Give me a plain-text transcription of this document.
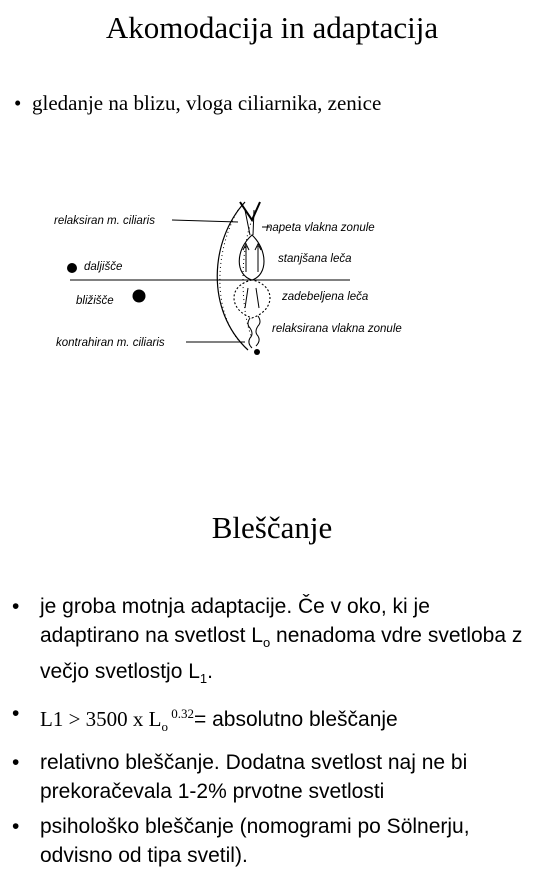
Akomodacija in adaptacija
• gledanje na blizu, vloga ciliarnika, zenice
relaksiran m. ciliaris
napeta vlakna zonule
stanjšana leča
daljišče
bližišče	zadebeljena leča
relaksirana vlakna zonule
kontrahiran m. ciliaris
Bleščanje
• je groba motnja adaptacije. Če v oko, ki je adaptirano na svetlost $L_o$ nenadoma vdre svetloba z večjo svetlostjo $L_1$.
• L1 > 3500 x $L_o$ $^{0.32}$= absolutno bleščanje
• relativno bleščanje. Dodatna svetlost naj ne bi prekoračevala 1-2% prvotne svetlosti
• psihološko bleščanje (nomogrami po Sölnerju, odvisno od tipa svetil).
